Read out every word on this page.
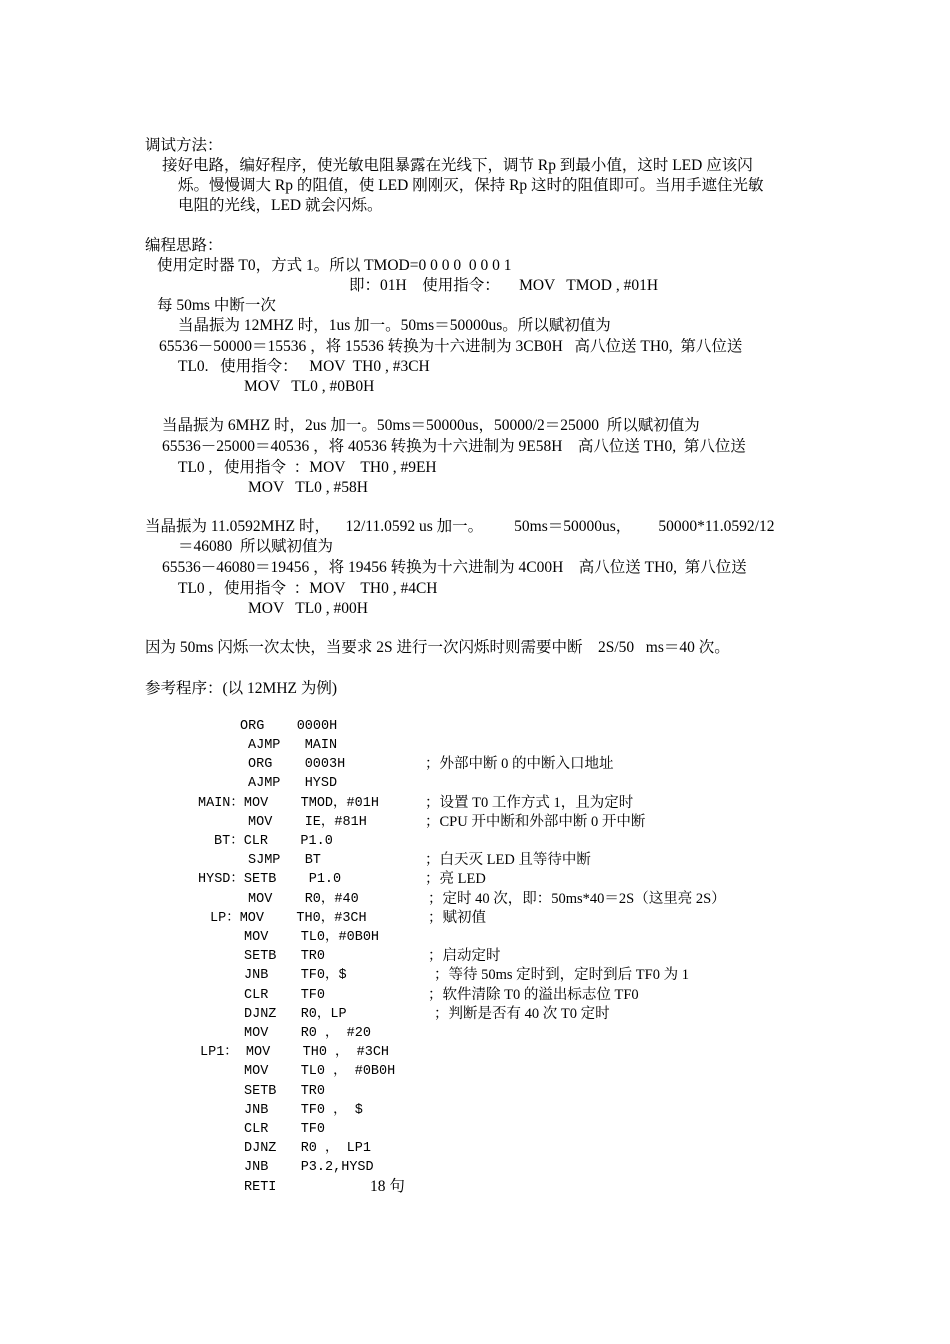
调试方法：
接好电路，编好程序，使光敏电阻暴露在光线下，调节 Rp 到最小值，这时 LED 应该闪
烁。慢慢调大 Rp 的阻值，使 LED 刚刚灭，保持 Rp 这时的阻值即可。当用手遮住光敏
电阻的光线，LED 就会闪烁。
编程思路：
使用定时器 T0，方式 1。所以 TMOD=0 0 0 0  0 0 0 1
即：01H    使用指令：     MOV   TMOD , #01H
每 50ms 中断一次
当晶振为 12MHZ 时，1us 加一。50ms＝50000us。所以赋初值为
65536－50000＝15536 ，将 15536 转换为十六进制为 3CB0H   高八位送 TH0,  第八位送
TL0.   使用指令：   MOV  TH0 , #3CH
MOV   TL0 , #0B0H
当晶振为 6MHZ 时，2us 加一。50ms＝50000us，50000/2＝25000  所以赋初值为
65536－25000＝40536 ，将 40536 转换为十六进制为 9E58H    高八位送 TH0,  第八位送
TL0 ,   使用指令  ：MOV    TH0 , #9EH
MOV   TL0 , #58H
当晶振为 11.0592MHZ 时，    12/11.0592 us 加一。        50ms＝50000us，       50000*11.0592/12
＝46080  所以赋初值为
65536－46080＝19456 ，将 19456 转换为十六进制为 4C00H    高八位送 TH0,  第八位送
TL0 ,   使用指令  ：MOV    TH0 , #4CH
MOV   TL0 , #00H
因为 50ms 闪烁一次太快，当要求 2S 进行一次闪烁时则需要中断    2S/50   ms＝40 次。
参考程序：(以 12MHZ 为例)
ORG    0000H
AJMP   MAIN
ORG    0003H
AJMP   HYSD
MAIN：MOV    TMOD，#01H
MOV    IE，#81H
BT：CLR    P1.0
SJMP   BT
HYSD：SETB    P1.0
MOV    R0，#40
LP：MOV    TH0，#3CH
MOV    TL0，#0B0H
SETB   TR0
JNB    TF0，$
CLR    TF0
DJNZ   R0，LP
MOV    R0 ， #20
LP1： MOV    TH0 ， #3CH
MOV    TL0 ， #0B0H
SETB   TR0
JNB    TF0 ， $
CLR    TF0
DJNZ   R0 ， LP1
JNB    P3.2,HYSD
RETI	18 句
；外部中断 0 的中断入口地址
；设置 T0 工作方式 1，且为定时
；CPU 开中断和外部中断 0 开中断
；白天灭 LED 且等待中断
；亮 LED
；定时 40 次，即：50ms*40＝2S（这里亮 2S）
；赋初值
；启动定时
；等待 50ms 定时到，定时到后 TF0 为 1
；软件清除 T0 的溢出标志位 TF0
；判断是否有 40 次 T0 定时
